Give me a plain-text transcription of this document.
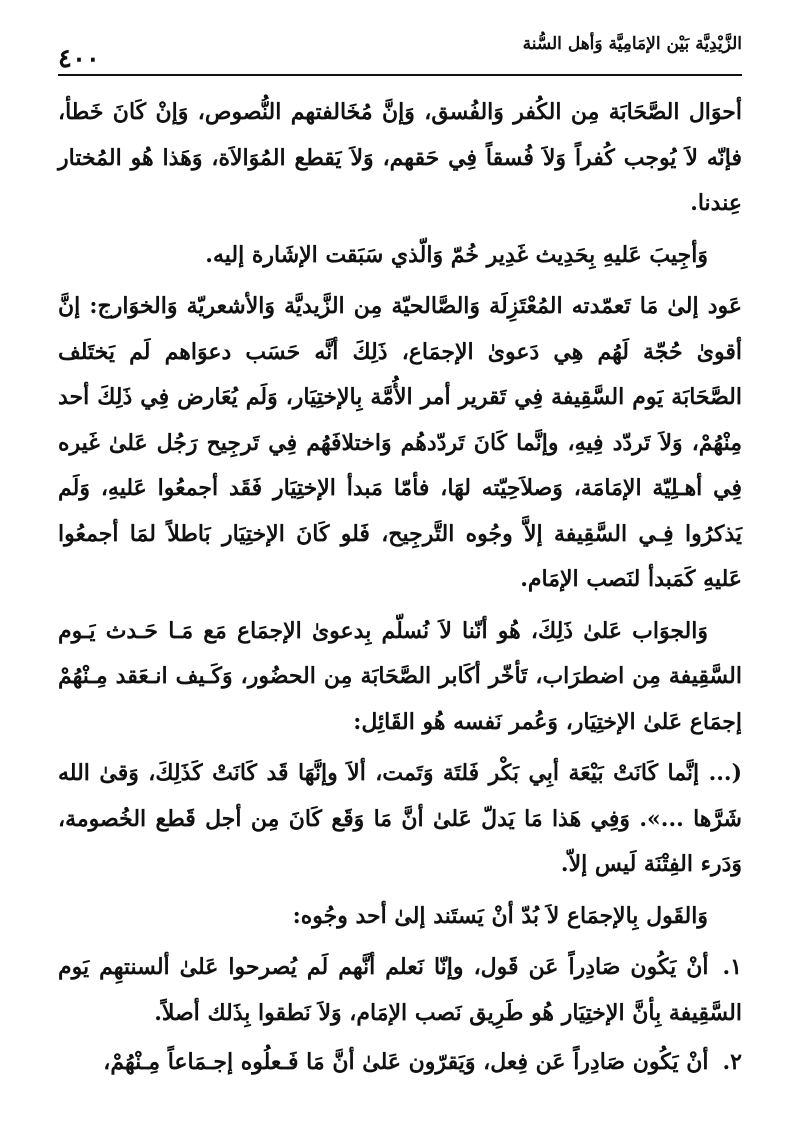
الزَّيْدِيَّة بَيْن الإمَامِيَّة وَأهل السُّنة
٤٠٠

أحوَال الصَّحَابَة مِن الكُفر وَالفُسق، وَإنَّ مُخَالفتهم النُّصوص، وَإنْ كَانَ خَطأ، فإنّه لاَ يُوجب كُفراً وَلاَ فُسقاً فِي حَقهم، وَلاَ يَقطع المُوَالاَة، وَهَذا هُو المُختار عِندنا.

وَأجِيبَ عَليهِ بِحَدِيث غَدِير خُمّ وَالّذي سَبَقت الإشَارة إليه.

عَود إلىٰ مَا تَعمّدته المُعْتَزِلَة وَالصَّالحيّة مِن الزَّيديَّة وَالأشعريّة وَالخوَارج: إنَّ أقوىٰ حُجّة لَهُم هِي دَعوىٰ الإجمَاع، ذَلِكَ أنَّه حَسَب دعوَاهم لَم يَختَلف الصَّحَابَة يَوم السَّقِيفة فِي تَقرير أمر الأُمَّة بِالإختِيَار، وَلَم يُعَارض فِي ذَلِكَ أحد مِنْهُمْ، وَلاَ تَردّد فِيهِ، وإنَّما كَانَ تَردّدهُم وَاختلافَهُم فِي تَرجِيح رَجُل عَلىٰ غَيره فِي أهـلِيّة الإمَامَة، وَصلاَحِيّته لهَا، فأمّا مَبدأ الإختِيَار فَقَد أجمعُوا عَليهِ، وَلَم يَذكرُوا فِـي السَّقِيفة إلاَّ وجُوه التَّرجِيح، فَلو كَانَ الإختِيَار بَاطلاً لمَا أجمعُوا عَليهِ كَمَبدأ لنَصب الإمَام.

وَالجوَاب عَلىٰ ذَلِكَ، هُو أنّنا لاَ نُسلّم بِدعوىٰ الإجمَاع مَع مَـا حَـدث يَـوم السَّقِيفة مِن اضطرَاب، تَأخّر أكَابر الصَّحَابَة مِن الحضُور، وَكَـيف انـعَقد مِـنْهُمْ إجمَاع عَلىٰ الإختِيَار، وَعُمر نَفسه هُو القَائِل:

(... إنَّما كَانَتْ بَيْعَة أبِي بَكْر فَلتَة وَتَمت، ألاَ وإنَّهَا قَد كَانَتْ كَذَلِكَ، وَقىٰ الله شَرَّها ...». وَفِي هَذا مَا يَدلّ عَلىٰ أنَّ مَا وَقَع كَانَ مِن أجل قَطع الخُصومة، وَدَرء الفِتْنَة لَيس إلاّ.

وَالقَول بِالإجمَاع لاَ بُدّ أنْ يَستَند إلىٰ أحد وجُوه:

١.أنْ يَكُون صَادِراً عَن قَول، وإنّا نَعلم أنَّهم لَم يُصرحوا عَلىٰ ألسنتهِم يَوم السَّقِيفة بِأنَّ الإختِيَار هُو طَرِيق نَصب الإمَام، وَلاَ نَطقوا بِذَلك أصلاً.
٢.أنْ يَكُون صَادِراً عَن فِعل، وَيَقرّون عَلىٰ أنَّ مَا فَـعلُوه إجـمَاعاً مِـنْهُمْ،
